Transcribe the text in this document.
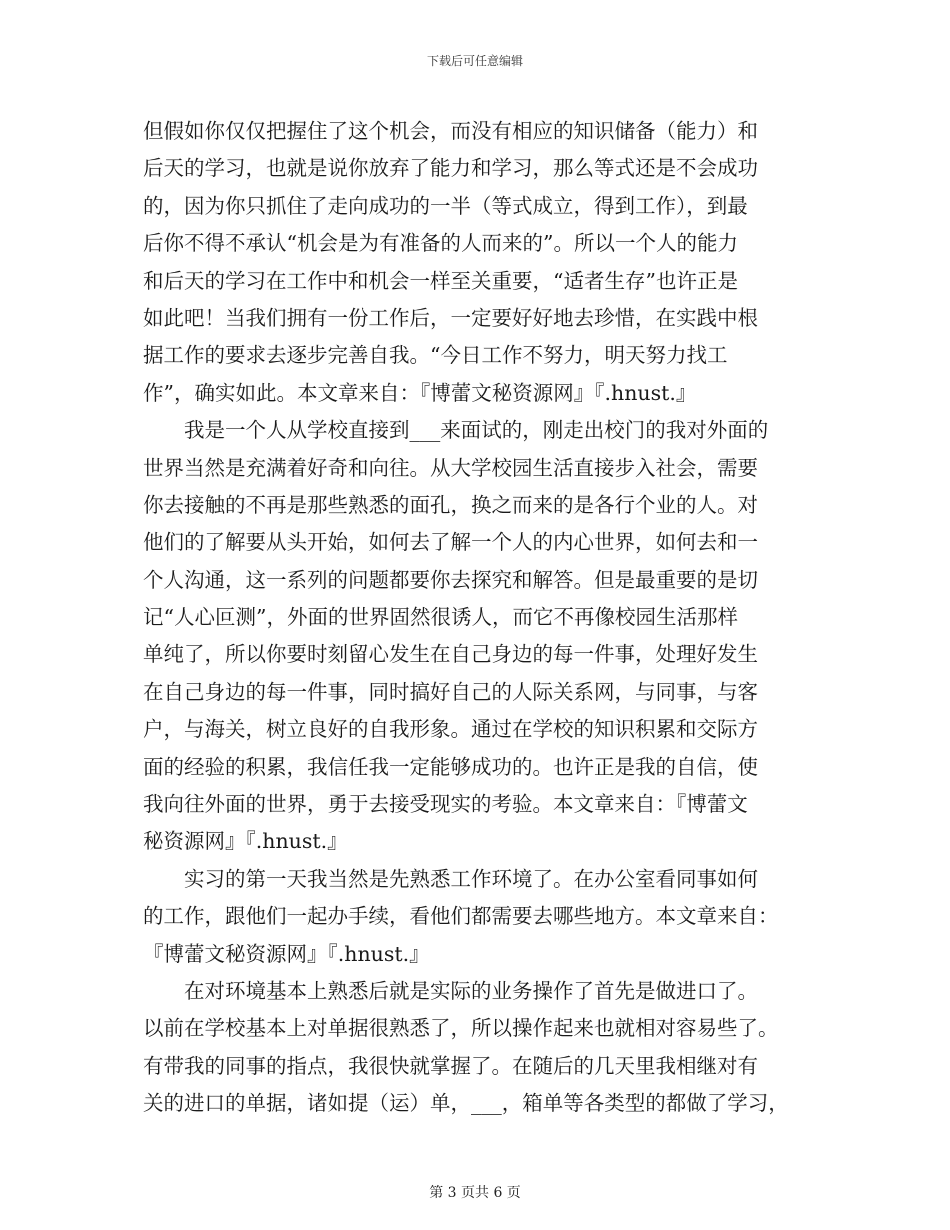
下载后可任意编辑
但假如你仅仅把握住了这个机会，而没有相应的知识储备（能力）和
后天的学习，也就是说你放弃了能力和学习，那么等式还是不会成功
的，因为你只抓住了走向成功的一半（等式成立，得到工作），到最
后你不得不承认“机会是为有准备的人而来的”。所以一个人的能力
和后天的学习在工作中和机会一样至关重要，“适者生存”也许正是
如此吧！当我们拥有一份工作后，一定要好好地去珍惜，在实践中根
据工作的要求去逐步完善自我。“今日工作不努力，明天努力找工
作”，确实如此。本文章来自：『博蕾文秘资源网』『.hnust.』
　　我是一个人从学校直接到___来面试的，刚走出校门的我对外面的
世界当然是充满着好奇和向往。从大学校园生活直接步入社会，需要
你去接触的不再是那些熟悉的面孔，换之而来的是各行个业的人。对
他们的了解要从头开始，如何去了解一个人的内心世界，如何去和一
个人沟通，这一系列的问题都要你去探究和解答。但是最重要的是切
记“人心叵测”，外面的世界固然很诱人，而它不再像校园生活那样
单纯了，所以你要时刻留心发生在自己身边的每一件事，处理好发生
在自己身边的每一件事，同时搞好自己的人际关系网，与同事，与客
户，与海关，树立良好的自我形象。通过在学校的知识积累和交际方
面的经验的积累，我信任我一定能够成功的。也许正是我的自信，使
我向往外面的世界，勇于去接受现实的考验。本文章来自：『博蕾文
秘资源网』『.hnust.』
　　实习的第一天我当然是先熟悉工作环境了。在办公室看同事如何
的工作，跟他们一起办手续，看他们都需要去哪些地方。本文章来自：
『博蕾文秘资源网』『.hnust.』
　　在对环境基本上熟悉后就是实际的业务操作了首先是做进口了。
以前在学校基本上对单据很熟悉了，所以操作起来也就相对容易些了。
有带我的同事的指点，我很快就掌握了。在随后的几天里我相继对有
关的进口的单据，诸如提（运）单，___，箱单等各类型的都做了学习，
第 3 页共 6 页
